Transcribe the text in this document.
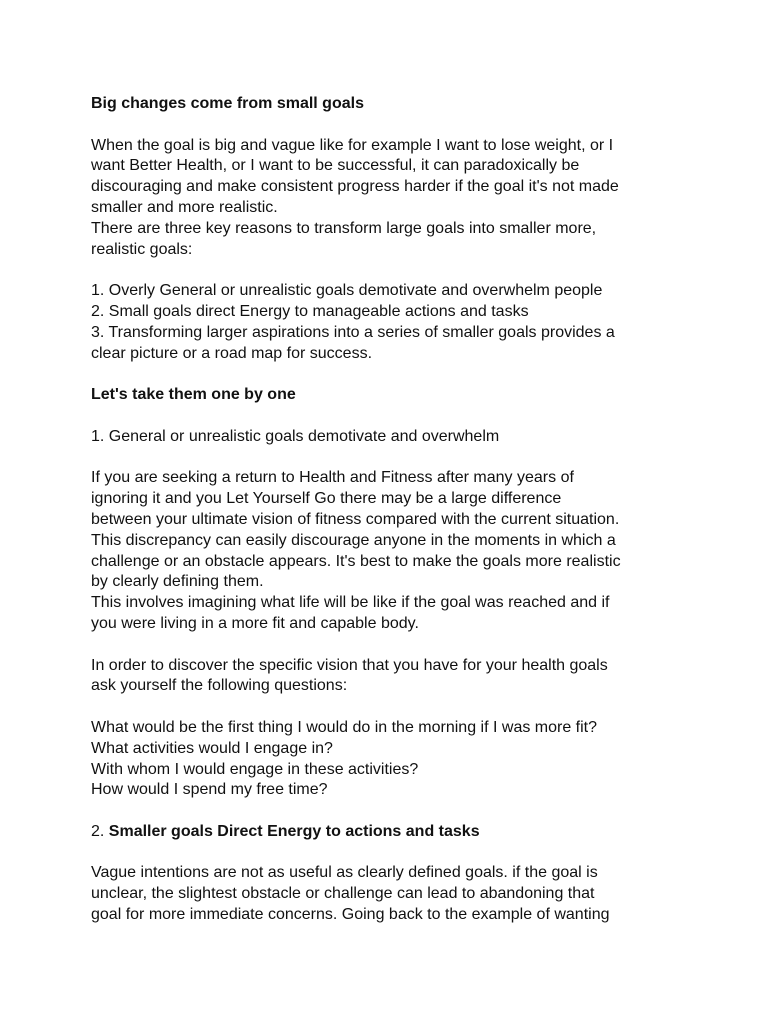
Big changes come from small goals
When the goal is big and vague like for example I want to lose weight, or I
want Better Health, or I want to be successful, it can paradoxically be
discouraging and make consistent progress harder if the goal it's not made
smaller and more realistic.
There are three key reasons to transform large goals into smaller more,
realistic goals:
1. Overly General or unrealistic goals demotivate and overwhelm people
2. Small goals direct Energy to manageable actions and tasks
3. Transforming larger aspirations into a series of smaller goals provides a
clear picture or a road map for success.
Let's take them one by one
1. General or unrealistic goals demotivate and overwhelm
If you are seeking a return to Health and Fitness after many years of
ignoring it and you Let Yourself Go there may be a large difference
between your ultimate vision of fitness compared with the current situation.
This discrepancy can easily discourage anyone in the moments in which a
challenge or an obstacle appears. It's best to make the goals more realistic
by clearly defining them.
This involves imagining what life will be like if the goal was reached and if
you were living in a more fit and capable body.
In order to discover the specific vision that you have for your health goals
ask yourself the following questions:
What would be the first thing I would do in the morning if I was more fit?
What activities would I engage in?
With whom I would engage in these activities?
How would I spend my free time?
2. Smaller goals Direct Energy to actions and tasks
Vague intentions are not as useful as clearly defined goals. if the goal is
unclear, the slightest obstacle or challenge can lead to abandoning that
goal for more immediate concerns. Going back to the example of wanting
